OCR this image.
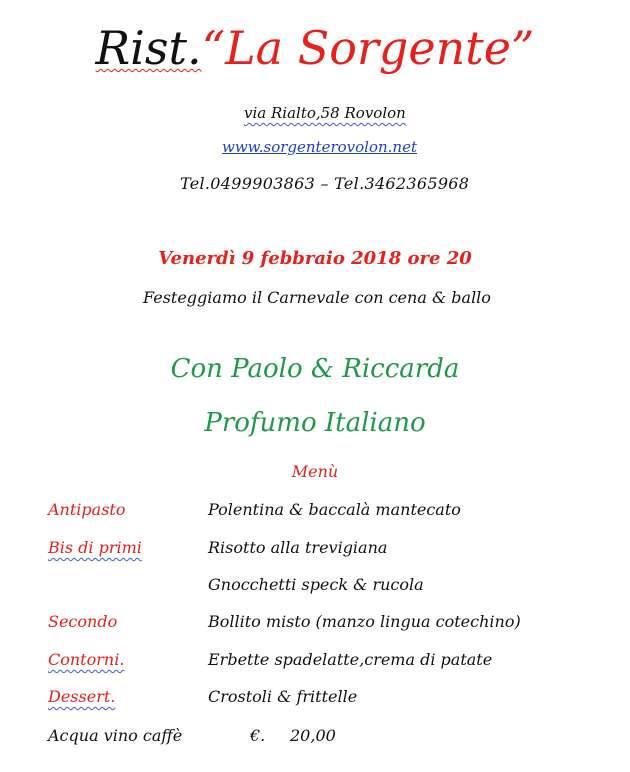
Rist.“La Sorgente”
via Rialto,58 Rovolon
www.sorgenterovolon.net
Tel.0499903863 – Tel.3462365968
Venerdì 9 febbraio 2018 ore 20
Festeggiamo il Carnevale con cena & ballo
Con Paolo & Riccarda
Profumo Italiano
Menù
Antipasto	Polentina & baccalà mantecato
Bis di primi	Risotto alla trevigiana
Gnocchetti speck & rucola
Secondo	Bollito misto (manzo lingua cotechino)
Contorni.	Erbette spadelatte,crema di patate
Dessert.	Crostoli & frittelle
Acqua vino caffè	€. 20,00
